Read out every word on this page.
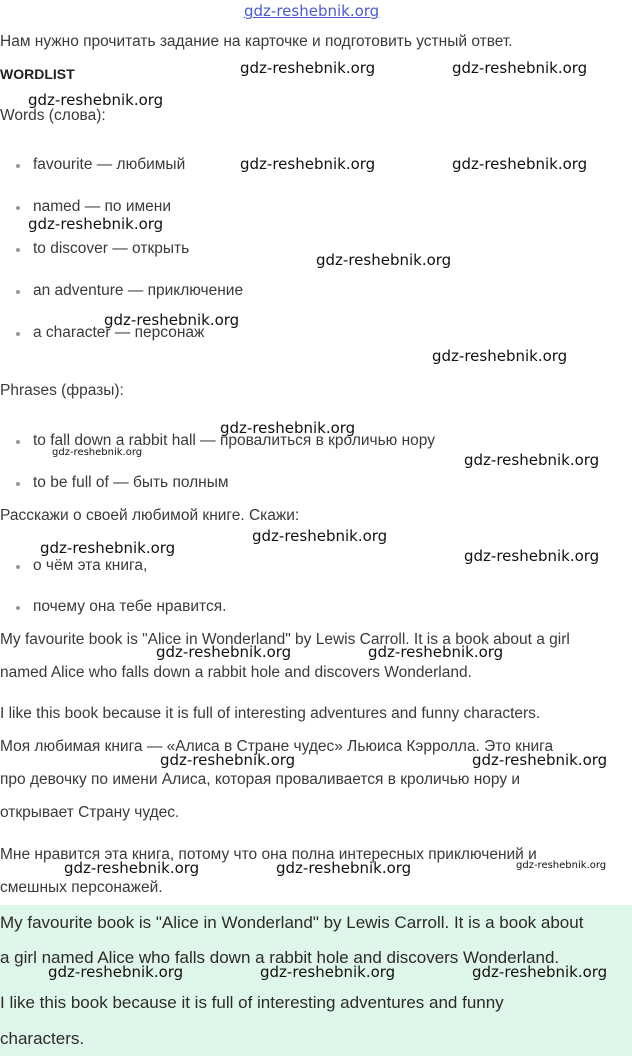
gdz-reshebnik.org
Нам нужно прочитать задание на карточке и подготовить устный ответ.
WORDLIST
Words (слова):
favourite — любимый
named — по имени
to discover — открыть
an adventure — приключение
a character — персонаж
Phrases (фразы):
to fall down a rabbit hall — провалиться в кроличью нору
to be full of — быть полным
Расскажи о своей любимой книге. Скажи:
о чём эта книга,
почему она тебе нравится.
My favourite book is "Alice in Wonderland" by Lewis Carroll. It is a book about a girl
named Alice who falls down a rabbit hole and discovers Wonderland.
I like this book because it is full of interesting adventures and funny characters.
Моя любимая книга — «Алиса в Стране чудес» Льюиса Кэрролла. Это книга
про девочку по имени Алиса, которая проваливается в кроличью нору и
открывает Страну чудес.
Мне нравится эта книга, потому что она полна интересных приключений и
смешных персонажей.
My favourite book is "Alice in Wonderland" by Lewis Carroll. It is a book about
a girl named Alice who falls down a rabbit hole and discovers Wonderland.
I like this book because it is full of interesting adventures and funny
characters.
gdz-reshebnik.org	gdz-reshebnik.org
gdz-reshebnik.org
gdz-reshebnik.org	gdz-reshebnik.org
gdz-reshebnik.org
gdz-reshebnik.org
gdz-reshebnik.org
gdz-reshebnik.org
gdz-reshebnik.org
gdz-reshebnik.org	gdz-reshebnik.org
gdz-reshebnik.org
gdz-reshebnik.org	gdz-reshebnik.org
gdz-reshebnik.org	gdz-reshebnik.org
gdz-reshebnik.org	gdz-reshebnik.org
gdz-reshebnik.org	gdz-reshebnik.org	gdz-reshebnik.org
gdz-reshebnik.org	gdz-reshebnik.org	gdz-reshebnik.org
